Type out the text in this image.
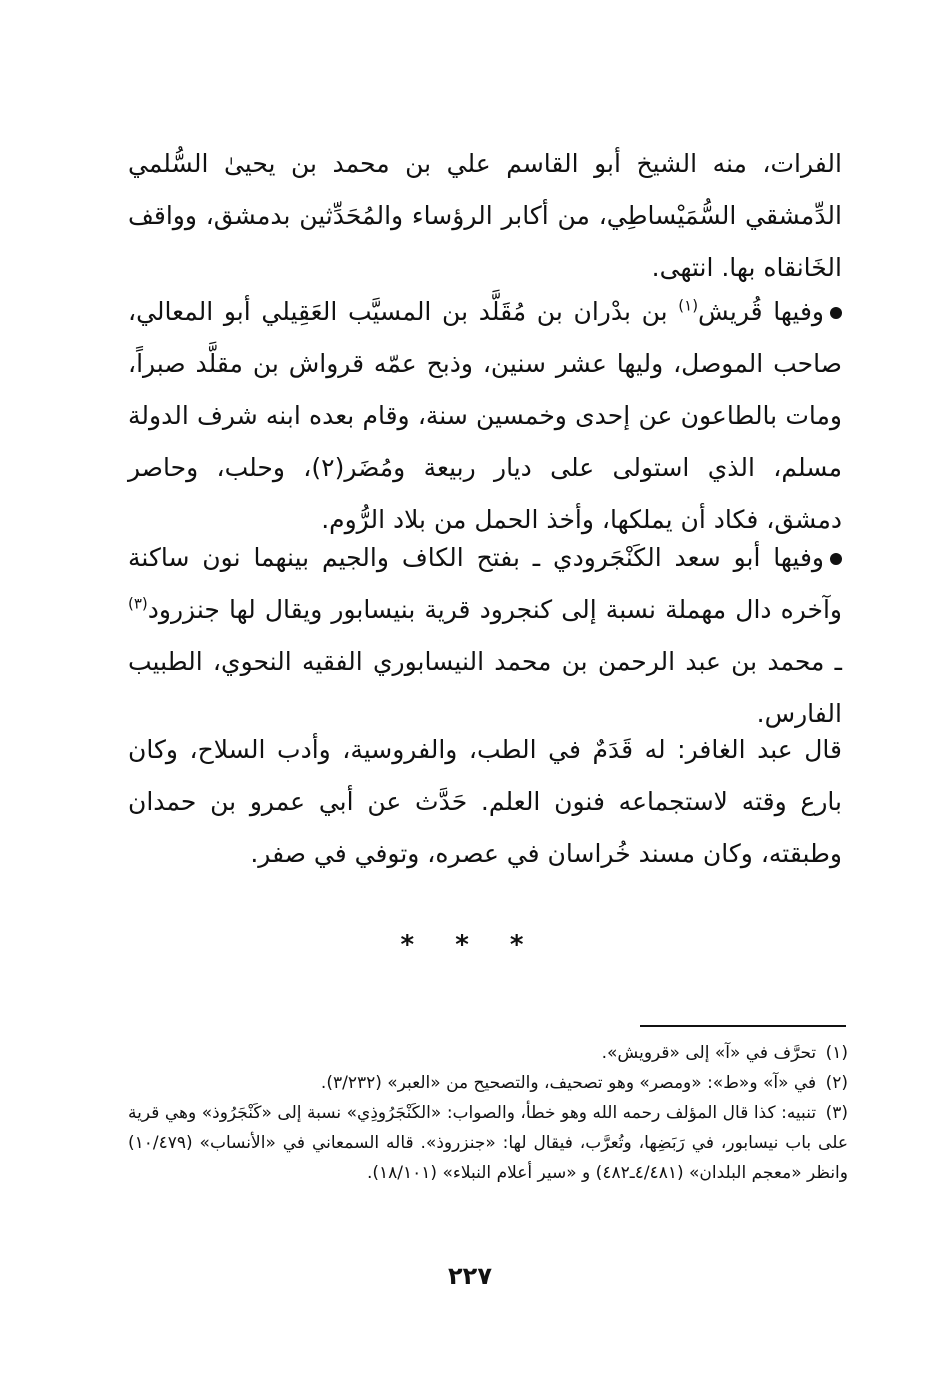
الفرات، منه الشيخ أبو القاسم علي بن محمد بن يحيىٰ السُّلمي الدِّمشقي السُّمَيْساطِي، من أكابر الرؤساء والمُحَدِّثين بدمشق، وواقف الخَانقاه بها. انتهى.

وفيها قُريش$^{(١)}$ بن بدْران بن مُقَلَّد بن المسيَّب العَقِيلي أبو المعالي، صاحب الموصل، وليها عشر سنين، وذبح عمّه قرواش بن مقلَّد صبراً، ومات بالطاعون عن إحدى وخمسين سنة، وقام بعده ابنه شرف الدولة مسلم، الذي استولى على ديار ربيعة ومُضَر(٢)، وحلب، وحاصر دمشق، فكاد أن يملكها، وأخذ الحمل من بلاد الرُّوم.

وفيها أبو سعد الكَنْجَرودي ـ بفتح الكاف والجيم بينهما نون ساكنة وآخره دال مهملة نسبة إلى كنجرود قرية بنيسابور ويقال لها جنزرود$^{(٣)}$ ـ محمد بن عبد الرحمن بن محمد النيسابوري الفقيه النحوي، الطبيب الفارس.

قال عبد الغافر: له قَدَمٌ في الطب، والفروسية، وأدب السلاح، وكان بارع وقته لاستجماعه فنون العلم. حَدَّث عن أبي عمرو بن حمدان وطبقته، وكان مسند خُراسان في عصره، وتوفي في صفر.

* * *

(١) تحرَّف في «آ» إلى «قرويش».

(٢) في «آ» و«ط»: «ومصر» وهو تصحيف، والتصحيح من «العبر» (٣/٢٣٢).

(٣) تنبيه: كذا قال المؤلف رحمه الله وهو خطأ، والصواب: «الكَنْجَرُوذِي» نسبة إلى «كَنْجَرُوذ» وهي قرية على باب نيسابور، في رَبَضِها، وتُعرَّب، فيقال لها: «جنزروذ». قاله السمعاني في «الأنساب» (١٠/٤٧٩) وانظر «معجم البلدان» (٤/٤٨١ـ٤٨٢) و «سير أعلام النبلاء» (١٨/١٠١).

٢٢٧
